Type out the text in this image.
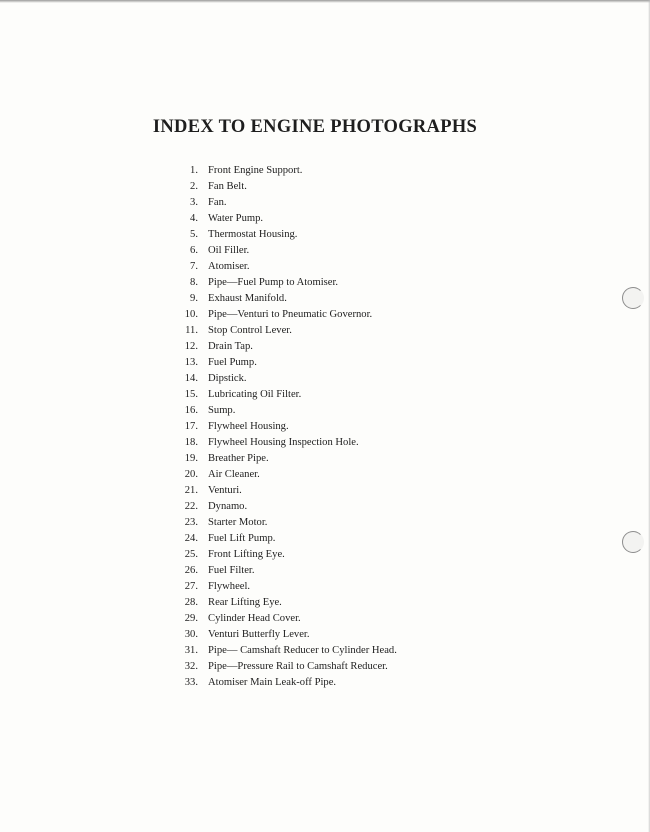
INDEX TO ENGINE PHOTOGRAPHS
1. Front Engine Support.
2. Fan Belt.
3. Fan.
4. Water Pump.
5. Thermostat Housing.
6. Oil Filler.
7. Atomiser.
8. Pipe—Fuel Pump to Atomiser.
9. Exhaust Manifold.
10. Pipe—Venturi to Pneumatic Governor.
11. Stop Control Lever.
12. Drain Tap.
13. Fuel Pump.
14. Dipstick.
15. Lubricating Oil Filter.
16. Sump.
17. Flywheel Housing.
18. Flywheel Housing Inspection Hole.
19. Breather Pipe.
20. Air Cleaner.
21. Venturi.
22. Dynamo.
23. Starter Motor.
24. Fuel Lift Pump.
25. Front Lifting Eye.
26. Fuel Filter.
27. Flywheel.
28. Rear Lifting Eye.
29. Cylinder Head Cover.
30. Venturi Butterfly Lever.
31. Pipe— Camshaft Reducer to Cylinder Head.
32. Pipe—Pressure Rail to Camshaft Reducer.
33. Atomiser Main Leak-off Pipe.
